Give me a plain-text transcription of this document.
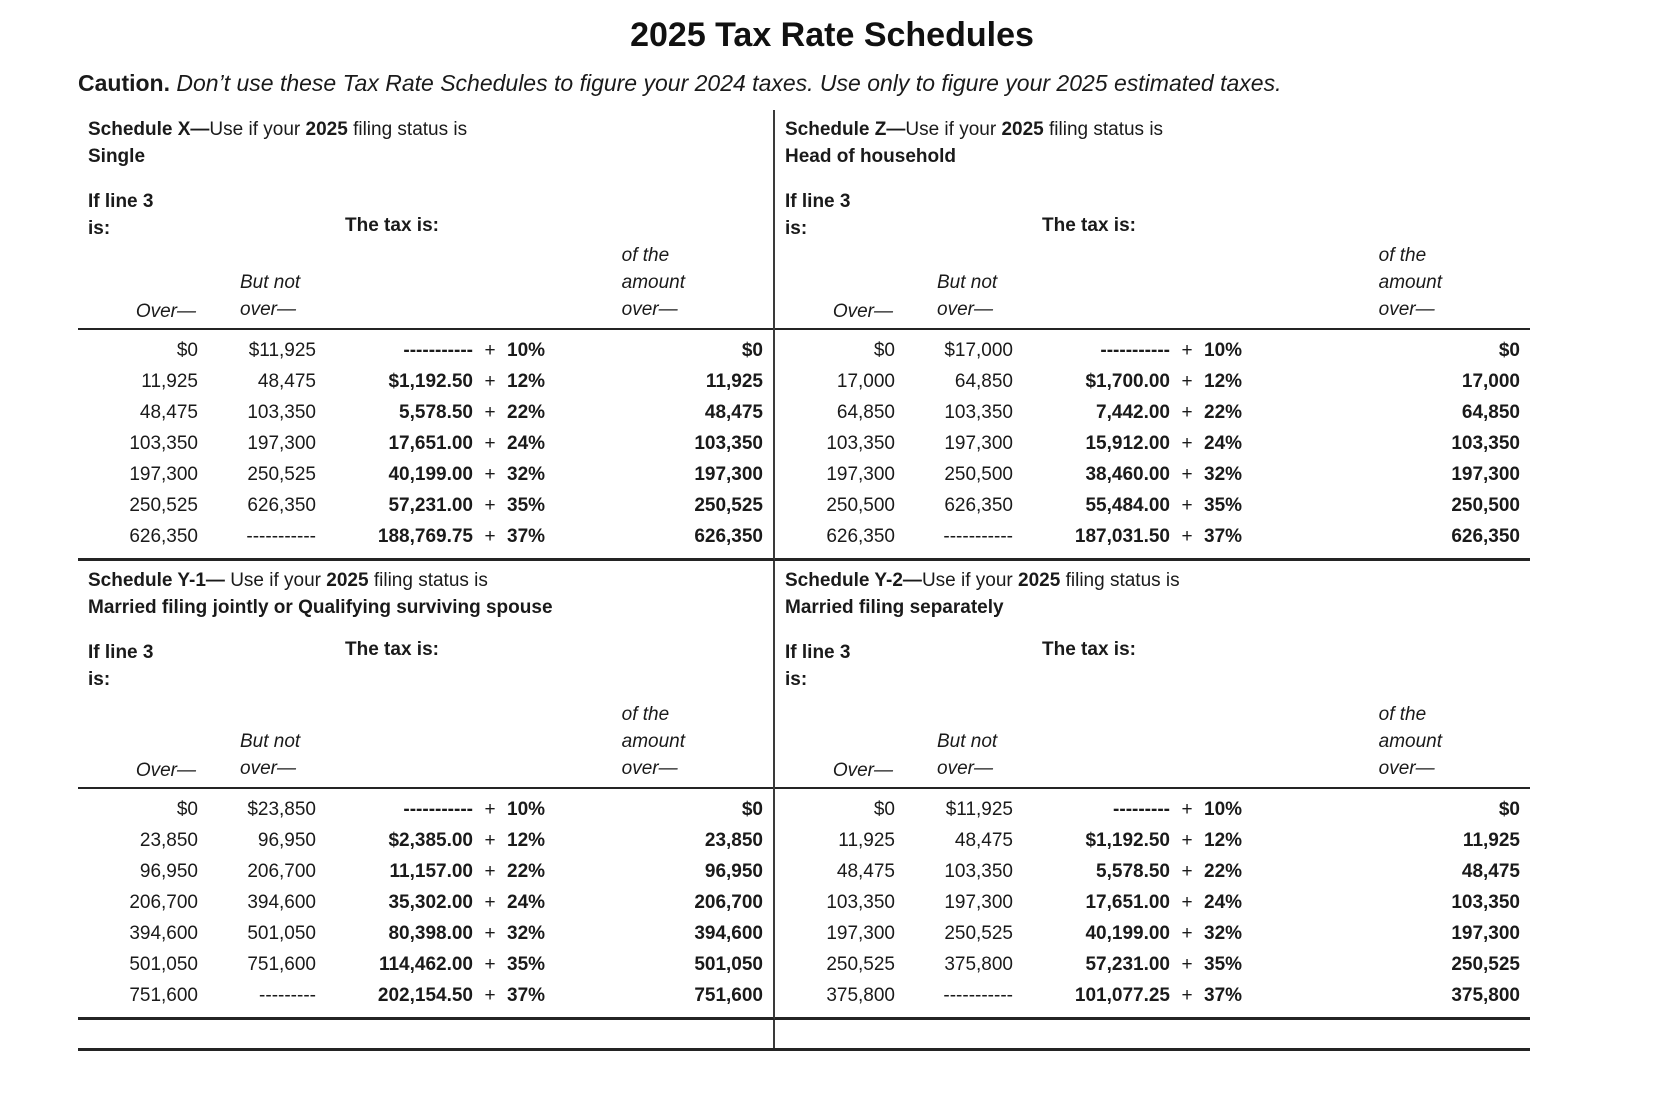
2025 Tax Rate Schedules
Caution. Don’t use these Tax Rate Schedules to figure your 2024 taxes. Use only to figure your 2025 estimated taxes.
Schedule X—Use if your 2025 filing status is
Single
If line 3
is:	The tax is:
Over—
But not
over—
of the
amount
over—
$0	$11,925	----------- + 10%	$0
11,925	48,475	$1,192.50 + 12%	11,925
48,475	103,350	5,578.50 + 22%	48,475
103,350	197,300	17,651.00 + 24%	103,350
197,300	250,525	40,199.00 + 32%	197,300
250,525	626,350	57,231.00 + 35%	250,525
626,350	-----------	188,769.75 + 37%	626,350
Schedule Z—Use if your 2025 filing status is
Head of household
If line 3
is:	The tax is:
Over—
But not
over—
of the
amount
over—
$0	$17,000	----------- + 10%	$0
17,000	64,850	$1,700.00 + 12%	17,000
64,850	103,350	7,442.00 + 22%	64,850
103,350	197,300	15,912.00 + 24%	103,350
197,300	250,500	38,460.00 + 32%	197,300
250,500	626,350	55,484.00 + 35%	250,500
626,350	-----------	187,031.50 + 37%	626,350
Schedule Y-1— Use if your 2025 filing status is
Married filing jointly or Qualifying surviving spouse
If line 3
is:
The tax is:
Over—
But not
over—
of the
amount
over—
$0	$23,850	----------- + 10%	$0
23,850	96,950	$2,385.00 + 12%	23,850
96,950	206,700	11,157.00 + 22%	96,950
206,700	394,600	35,302.00 + 24%	206,700
394,600	501,050	80,398.00 + 32%	394,600
501,050	751,600	114,462.00 + 35%	501,050
751,600	---------	202,154.50 + 37%	751,600
Schedule Y-2—Use if your 2025 filing status is
Married filing separately
If line 3
is:
The tax is:
Over—
But not
over—
of the
amount
over—
$0	$11,925	--------- + 10%	$0
11,925	48,475	$1,192.50 + 12%	11,925
48,475	103,350	5,578.50 + 22%	48,475
103,350	197,300	17,651.00 + 24%	103,350
197,300	250,525	40,199.00 + 32%	197,300
250,525	375,800	57,231.00 + 35%	250,525
375,800	-----------	101,077.25 + 37%	375,800
